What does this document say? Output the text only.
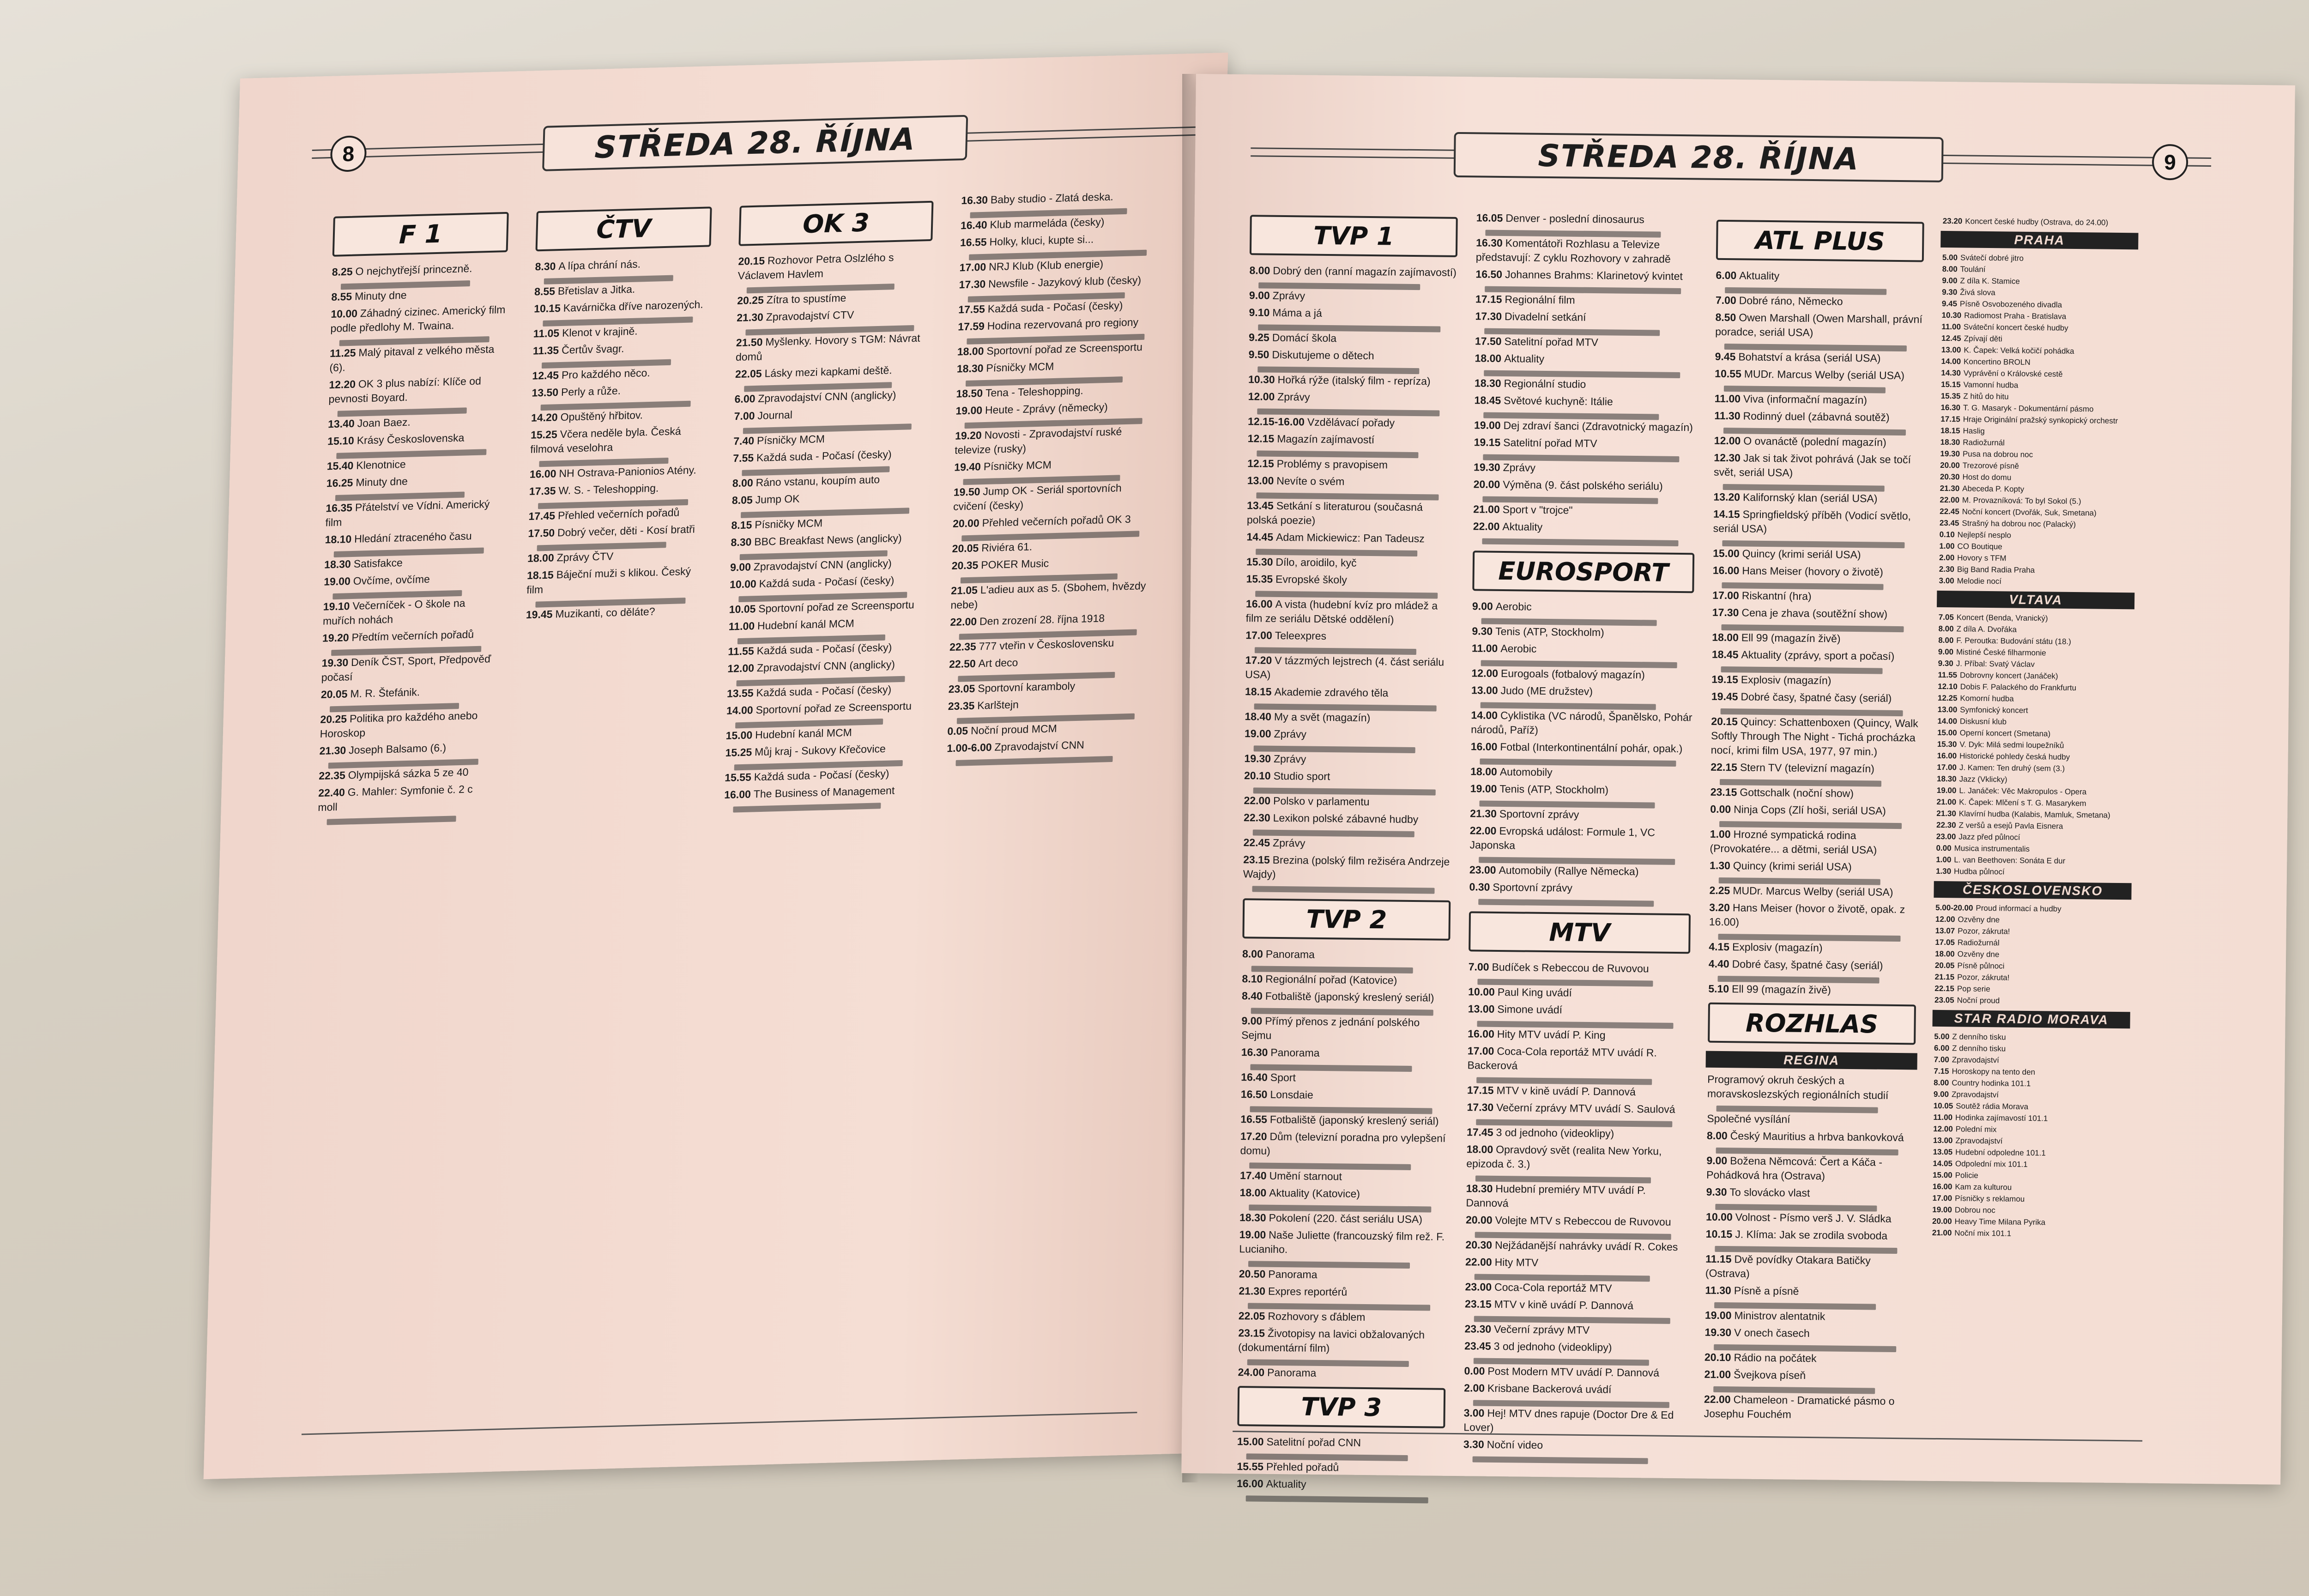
8	STŘEDA 28. ŘÍJNA
F 1
8.25 O nejchytřejší princezně.
8.55 Minuty dne
10.00 Záhadný cizinec. Americký film podle předlohy M. Twaina.
11.25 Malý pitaval z velkého města (6).
12.20 OK 3 plus nabízí: Klíče od pevnosti Boyard.
13.40 Joan Baez.
15.10 Krásy Československa
15.40 Klenotnice
16.25 Minuty dne
16.35 Přátelství ve Vídni. Americký film
18.10 Hledání ztraceného času
18.30 Satisfakce
19.00 Ovčíme, ovčíme
19.10 Večerníček - O škole na muřích nohách
19.20 Předtím večerních pořadů
19.30 Deník ČST, Sport, Předpověď počasí
20.05 M. R. Štefánik.
20.25 Politika pro každého anebo Horoskop
21.30 Joseph Balsamo (6.)
22.35 Olympijská sázka 5 ze 40
22.40 G. Mahler: Symfonie č. 2 c moll
ČTV
8.30 A lípa chrání nás.
8.55 Břetislav a Jitka.
10.15 Kavárnička dříve narozených.
11.05 Klenot v krajině.
11.35 Čertův švagr.
12.45 Pro každého něco.
13.50 Perly a růže.
14.20 Opuštěný hřbitov.
15.25 Včera neděle byla. Česká filmová veselohra
16.00 NH Ostrava-Panionios Atény.
17.35 W. S. - Teleshopping.
17.45 Přehled večerních pořadů
17.50 Dobrý večer, děti - Kosí bratři
18.00 Zprávy ČTV
18.15 Báječní muži s klikou. Český film
19.45 Muzikanti, co děláte?
OK 3
20.15 Rozhovor Petra Oslzlého s Václavem Havlem
20.25 Zítra to spustíme
21.30 Zpravodajství CTV
21.50 Myšlenky. Hovory s TGM: Návrat domů
22.05 Lásky mezi kapkami deště.
6.00 Zpravodajství CNN (anglicky)
7.00 Journal
7.40 Písničky MCM
7.55 Každá suda - Počasí (česky)
8.00 Ráno vstanu, koupím auto
8.05 Jump OK
8.15 Písničky MCM
8.30 BBC Breakfast News (anglicky)
9.00 Zpravodajství CNN (anglicky)
10.00 Každá suda - Počasí (česky)
10.05 Sportovní pořad ze Screensportu
11.00 Hudební kanál MCM
11.55 Každá suda - Počasí (česky)
12.00 Zpravodajství CNN (anglicky)
13.55 Každá suda - Počasí (česky)
14.00 Sportovní pořad ze Screensportu
15.00 Hudební kanál MCM
15.25 Můj kraj - Sukovy Křečovice
15.55 Každá suda - Počasí (česky)
16.00 The Business of Management
16.30 Baby studio - Zlatá deska.
16.40 Klub marmeláda (česky)
16.55 Holky, kluci, kupte si...
17.00 NRJ Klub (Klub energie)
17.30 Newsfile - Jazykový klub (česky)
17.55 Každá suda - Počasí (česky)
17.59 Hodina rezervovaná pro regiony
18.00 Sportovní pořad ze Screensportu
18.30 Písničky MCM
18.50 Tena - Teleshopping.
19.00 Heute - Zprávy (německy)
19.20 Novosti - Zpravodajství ruské televize (rusky)
19.40 Písničky MCM
19.50 Jump OK - Seriál sportovních cvičení (česky)
20.00 Přehled večerních pořadů OK 3
20.05 Riviéra 61.
20.35 POKER Music
21.05 L'adieu aux as 5. (Sbohem, hvězdy nebe)
22.00 Den zrození 28. října 1918
22.35 777 vteřin v Československu
22.50 Art deco
23.05 Sportovní karamboly
23.35 Karlštejn
0.05 Noční proud MCM
1.00-6.00 Zpravodajství CNN
STŘEDA 28. ŘÍJNA	9
TVP 1
8.00 Dobrý den (ranní magazín zajímavostí)
9.00 Zprávy
9.10 Máma a já
9.25 Domácí škola
9.50 Diskutujeme o dětech
10.30 Hořká rýže (italský film - repríza)
12.00 Zprávy
12.15-16.00 Vzdělávací pořady
12.15 Magazín zajímavostí
12.15 Problémy s pravopisem
13.00 Nevíte o svém
13.45 Setkání s literaturou (současná polská poezie)
14.45 Adam Mickiewicz: Pan Tadeusz
15.30 Dílo, aroidilo, kyč
15.35 Evropské školy
16.00 A vista (hudební kvíz pro mládež a film ze seriálu Dětské oddělení)
17.00 Teleexpres
17.20 V tázzmých lejstrech (4. část seriálu USA)
18.15 Akademie zdravého těla
18.40 My a svět (magazín)
19.00 Zprávy
19.30 Zprávy
20.10 Studio sport
22.00 Polsko v parlamentu
22.30 Lexikon polské zábavné hudby
22.45 Zprávy
23.15 Brezina (polský film režiséra Andrzeje Wajdy)
TVP 2
8.00 Panorama
8.10 Regionální pořad (Katovice)
8.40 Fotbaliště (japonský kreslený seriál)
9.00 Přímý přenos z jednání polského Sejmu
16.30 Panorama
16.40 Sport
16.50 Lonsdaie
16.55 Fotbaliště (japonský kreslený seriál)
17.20 Dům (televizní poradna pro vylepšení domu)
17.40 Umění starnout
18.00 Aktuality (Katovice)
18.30 Pokolení (220. část seriálu USA)
19.00 Naše Juliette (francouzský film rež. F. Lucianiho.
20.50 Panorama
21.30 Expres reportérů
22.05 Rozhovory s ďáblem
23.15 Životopisy na lavici obžalovaných (dokumentární film)
24.00 Panorama
TVP 3
15.00 Satelitní pořad CNN
15.55 Přehled pořadů
16.00 Aktuality
16.05 Denver - poslední dinosaurus
16.30 Komentátoři Rozhlasu a Televize představují: Z cyklu Rozhovory v zahradě
16.50 Johannes Brahms: Klarinetový kvintet
17.15 Regionální film
17.30 Divadelní setkání
17.50 Satelitní pořad MTV
18.00 Aktuality
18.30 Regionální studio
18.45 Světové kuchyně: Itálie
19.00 Dej zdraví šanci (Zdravotnický magazín)
19.15 Satelitní pořad MTV
19.30 Zprávy
20.00 Výměna (9. část polského seriálu)
21.00 Sport v "trojce"
22.00 Aktuality
EUROSPORT
9.00 Aerobic
9.30 Tenis (ATP, Stockholm)
11.00 Aerobic
12.00 Eurogoals (fotbalový magazín)
13.00 Judo (ME družstev)
14.00 Cyklistika (VC národů, Španělsko, Pohár národů, Paříž)
16.00 Fotbal (Interkontinentální pohár, opak.)
18.00 Automobily
19.00 Tenis (ATP, Stockholm)
21.30 Sportovní zprávy
22.00 Evropská událost: Formule 1, VC Japonska
23.00 Automobily (Rallye Německa)
0.30 Sportovní zprávy
MTV
7.00 Budíček s Rebeccou de Ruvovou
10.00 Paul King uvádí
13.00 Simone uvádí
16.00 Hity MTV uvádí P. King
17.00 Coca-Cola reportáž MTV uvádí R. Backerová
17.15 MTV v kině uvádí P. Dannová
17.30 Večerní zprávy MTV uvádí S. Saulová
17.45 3 od jednoho (videoklipy)
18.00 Opravdový svět (realita New Yorku, epizoda č. 3.)
18.30 Hudební premiéry MTV uvádí P. Dannová
20.00 Volejte MTV s Rebeccou de Ruvovou
20.30 Nejžádanější nahrávky uvádí R. Cokes
22.00 Hity MTV
23.00 Coca-Cola reportáž MTV
23.15 MTV v kině uvádí P. Dannová
23.30 Večerní zprávy MTV
23.45 3 od jednoho (videoklipy)
0.00 Post Modern MTV uvádí P. Dannová
2.00 Krisbane Backerová uvádí
3.00 Hej! MTV dnes rapuje (Doctor Dre & Ed Lover)
3.30 Noční video
ATL PLUS
6.00 Aktuality
7.00 Dobré ráno, Německo
8.50 Owen Marshall (Owen Marshall, právní poradce, seriál USA)
9.45 Bohatství a krása (seriál USA)
10.55 MUDr. Marcus Welby (seriál USA)
11.00 Viva (informační magazín)
11.30 Rodinný duel (zábavná soutěž)
12.00 O ovanáctě (polední magazín)
12.30 Jak si tak život pohrává (Jak se točí svět, seriál USA)
13.20 Kalifornský klan (seriál USA)
14.15 Springfieldský příběh (Vodicí světlo, seriál USA)
15.00 Quincy (krimi seriál USA)
16.00 Hans Meiser (hovory o životě)
17.00 Riskantní (hra)
17.30 Cena je zhava (soutěžní show)
18.00 Ell 99 (magazín živě)
18.45 Aktuality (zprávy, sport a počasí)
19.15 Explosiv (magazín)
19.45 Dobré časy, špatné časy (seriál)
20.15 Quincy: Schattenboxen (Quincy, Walk Softly Through The Night - Tichá procházka nocí, krimi film USA, 1977, 97 min.)
22.15 Stern TV (televizní magazín)
23.15 Gottschalk (noční show)
0.00 Ninja Cops (Zlí hoši, seriál USA)
1.00 Hrozné sympatická rodina (Provokatére... a dětmi, seriál USA)
1.30 Quincy (krimi seriál USA)
2.25 MUDr. Marcus Welby (seriál USA)
3.20 Hans Meiser (hovor o životě, opak. z 16.00)
4.15 Explosiv (magazín)
4.40 Dobré časy, špatné časy (seriál)
5.10 Ell 99 (magazín živě)
ROZHLAS
REGINA
Programový okruh českých a moravskoslezských regionálních studií
Společné vysílání
8.00 Český Mauritius a hrbva bankovková
9.00 Božena Němcová: Čert a Káča - Pohádková hra (Ostrava)
9.30 To slovácko vlast
10.00 Volnost - Písmo verš J. V. Sládka
10.15 J. Klíma: Jak se zrodila svoboda
11.15 Dvě povídky Otakara Batičky (Ostrava)
11.30 Písně a písně
19.00 Ministrov alentatnik
19.30 V onech časech
20.10 Rádio na počátek
21.00 Švejkova píseň
22.00 Chameleon - Dramatické pásmo o Josephu Fouchém
23.20 Koncert české hudby (Ostrava, do 24.00)
PRAHA
5.00 Svátečí dobré jitro
8.00 Toulání
9.00 Z díla K. Stamice
9.30 Živá slova
9.45 Písně Osvobozeného divadla
10.30 Radiomost Praha - Bratislava
11.00 Sváteční koncert české hudby
12.45 Zpívají děti
13.00 K. Čapek: Velká kočičí pohádka
14.00 Koncertino BROLN
14.30 Vyprávění o Královské cestě
15.15 Vamonní hudba
15.35 Z hitů do hitu
16.30 T. G. Masaryk - Dokumentární pásmo
17.15 Hraje Originální pražský synkopický orchestr
18.15 Haslig
18.30 Radiožurnál
19.30 Pusa na dobrou noc
20.00 Trezorové písně
20.30 Host do domu
21.30 Abeceda P. Kopty
22.00 M. Provazníková: To byl Sokol (5.)
22.45 Noční koncert (Dvořák, Suk, Smetana)
23.45 Strašný ha dobrou noc (Palacký)
0.10 Nejlepší nesplo
1.00 CO Boutique
2.00 Hovory s TFM
2.30 Big Band Radia Praha
3.00 Melodie nocí
VLTAVA
7.05 Koncert (Benda, Vranický)
8.00 Z díla A. Dvořáka
8.00 F. Peroutka: Budování státu (18.)
9.00 Mistiné České filharmonie
9.30 J. Příbal: Svatý Václav
11.55 Dobrovny koncert (Janáček)
12.10 Dobis F. Palackého do Frankfurtu
12.25 Komorní hudba
13.00 Symfonický koncert
14.00 Diskusní klub
15.00 Operní koncert (Smetana)
15.30 V. Dyk: Milá sedmi loupežníků
16.00 Historické pohledy česká hudby
17.00 J. Kamen: Ten druhý (sem (3.)
18.30 Jazz (Vklicky)
19.00 L. Janáček: Věc Makropulos - Opera
21.00 K. Čapek: Mlčení s T. G. Masarykem
21.30 Klavírní hudba (Kalabis, Mamluk, Smetana)
22.30 Z veršů a esejů Pavla Eisnera
23.00 Jazz před půlnocí
0.00 Musica instrumentalis
1.00 L. van Beethoven: Sonáta E dur
1.30 Hudba půlnocí
ČESKOSLOVENSKO
5.00-20.00 Proud informací a hudby
12.00 Ozvěny dne
13.07 Pozor, zákruta!
17.05 Radiožurnál
18.00 Ozvěny dne
20.05 Písně půlnoci
21.15 Pozor, zákruta!
22.15 Pop serie
23.05 Noční proud
STAR RADIO MORAVA
5.00 Z denního tisku
6.00 Z denního tisku
7.00 Zpravodajství
7.15 Horoskopy na tento den
8.00 Country hodinka 101.1
9.00 Zpravodajství
10.05 Soutěž rádia Morava
11.00 Hodinka zajímavostí 101.1
12.00 Polední mix
13.00 Zpravodajství
13.05 Hudební odpoledne 101.1
14.05 Odpolední mix 101.1
15.00 Policie
16.00 Kam za kulturou
17.00 Písničky s reklamou
19.00 Dobrou noc
20.00 Heavy Time Milana Pyrika
21.00 Noční mix 101.1
